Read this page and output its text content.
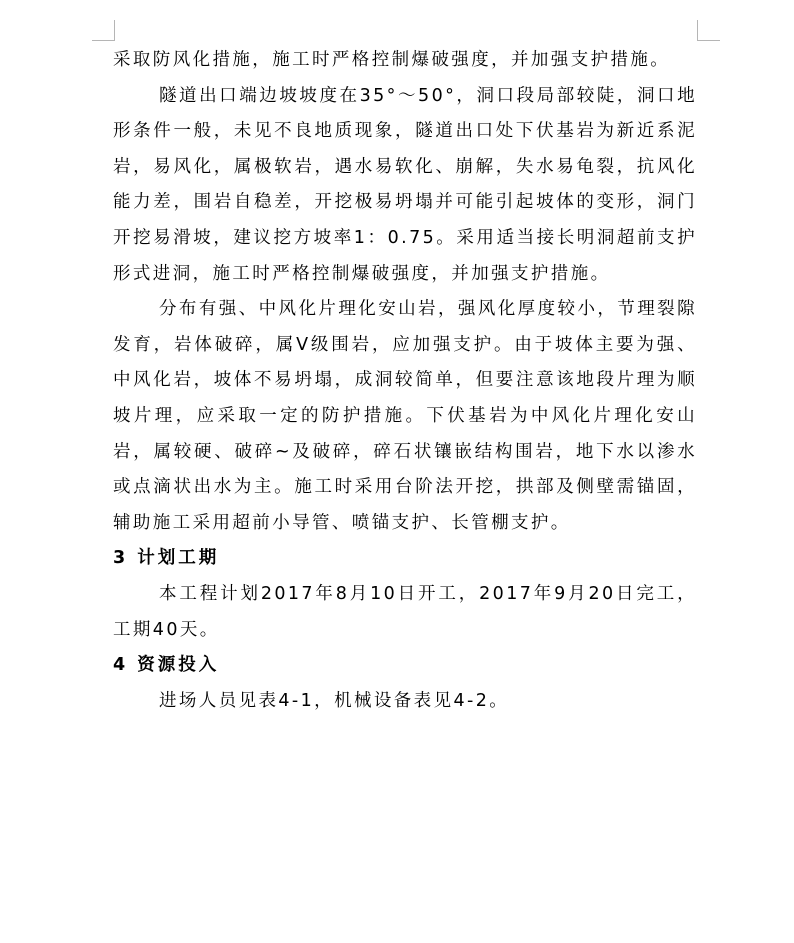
采取防风化措施，施工时严格控制爆破强度，并加强支护措施。

隧道出口端边坡坡度在35°～50°，洞口段局部较陡，洞口地形条件一般，未见不良地质现象，隧道出口处下伏基岩为新近系泥岩，易风化，属极软岩，遇水易软化、崩解，失水易龟裂，抗风化能力差，围岩自稳差，开挖极易坍塌并可能引起坡体的变形，洞门开挖易滑坡，建议挖方坡率1：0.75。采用适当接长明洞超前支护形式进洞，施工时严格控制爆破强度，并加强支护措施。

分布有强、中风化片理化安山岩，强风化厚度较小，节理裂隙发育，岩体破碎，属Ⅴ级围岩，应加强支护。由于坡体主要为强、中风化岩，坡体不易坍塌，成洞较简单，但要注意该地段片理为顺坡片理，应采取一定的防护措施。下伏基岩为中风化片理化安山岩，属较硬、破碎~及破碎，碎石状镶嵌结构围岩，地下水以渗水或点滴状出水为主。施工时采用台阶法开挖，拱部及侧壁需锚固，辅助施工采用超前小导管、喷锚支护、长管棚支护。

3 计划工期

本工程计划2017年8月10日开工，2017年9月20日完工，工期40天。

4 资源投入

进场人员见表4-1，机械设备表见4-2。
